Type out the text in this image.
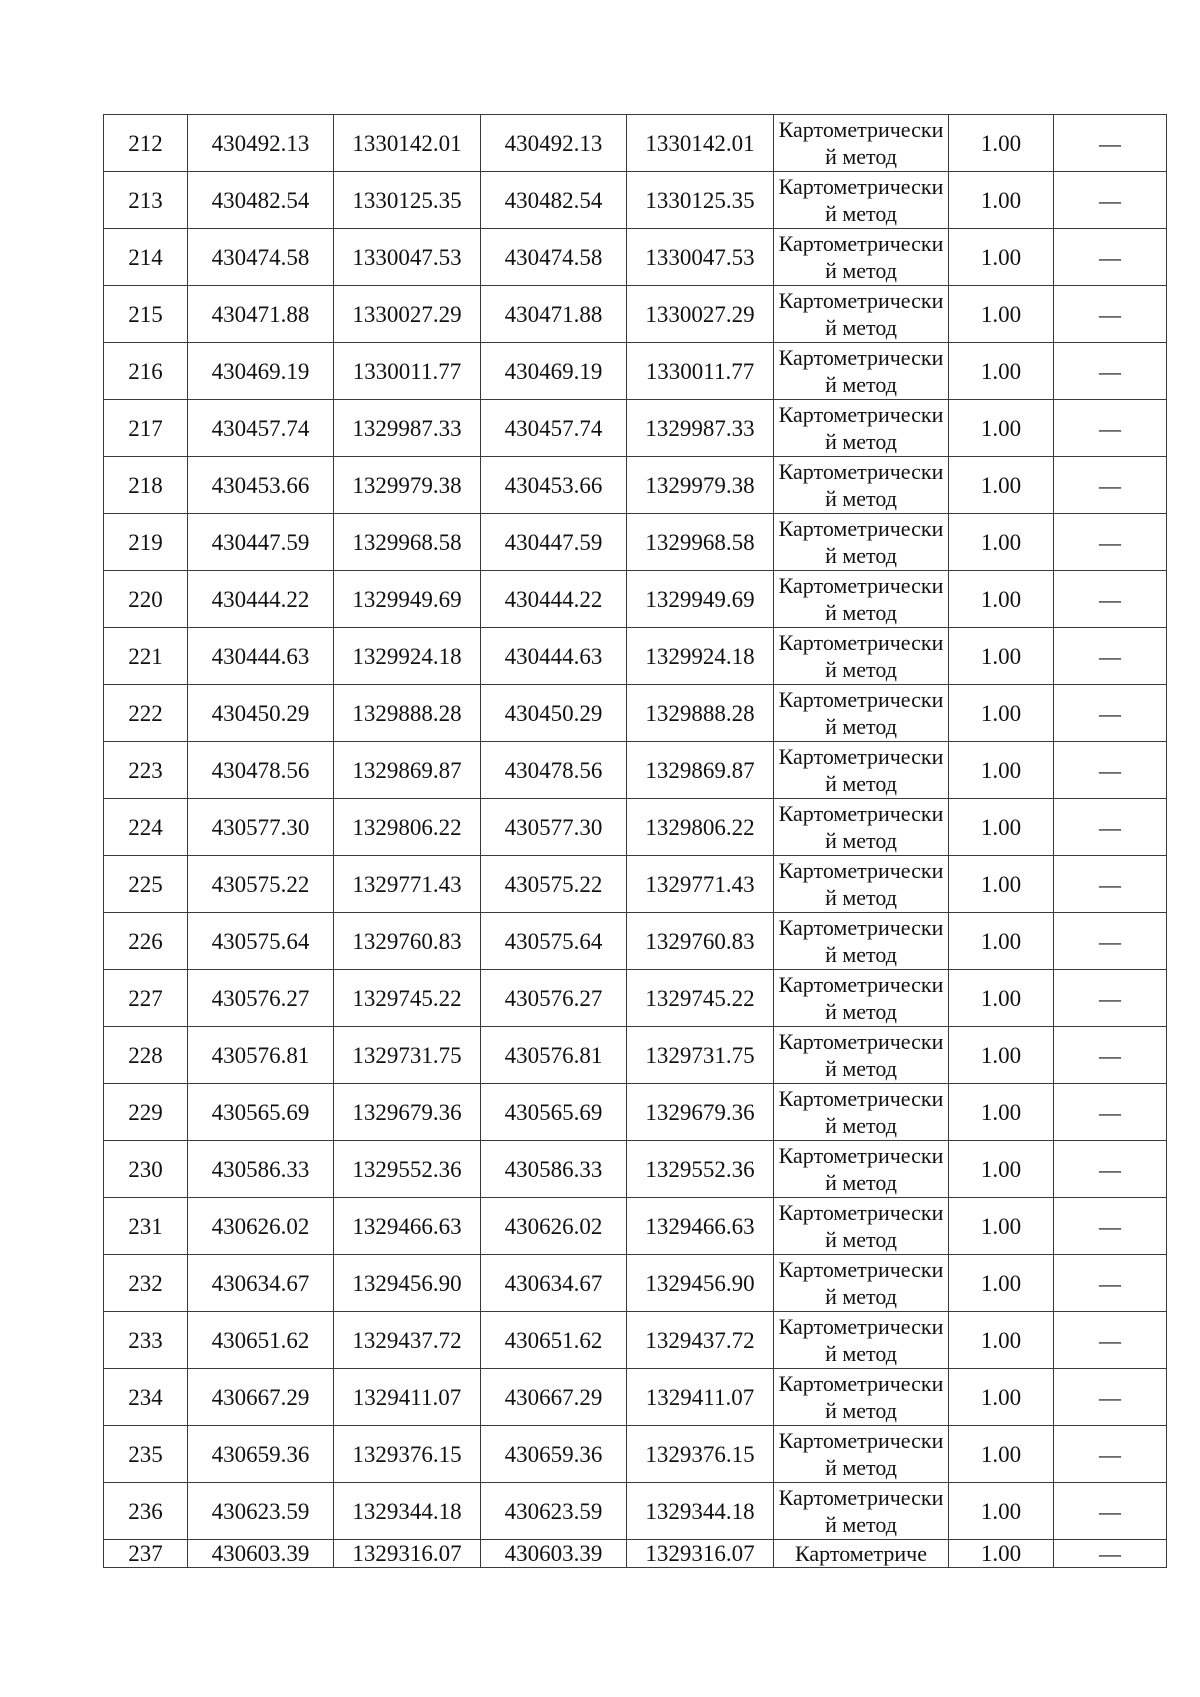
212	430492.13	1330142.01	430492.13	1330142.01	Картометрический метод	1.00	—
213	430482.54	1330125.35	430482.54	1330125.35	Картометрический метод	1.00	—
214	430474.58	1330047.53	430474.58	1330047.53	Картометрический метод	1.00	—
215	430471.88	1330027.29	430471.88	1330027.29	Картометрический метод	1.00	—
216	430469.19	1330011.77	430469.19	1330011.77	Картометрический метод	1.00	—
217	430457.74	1329987.33	430457.74	1329987.33	Картометрический метод	1.00	—
218	430453.66	1329979.38	430453.66	1329979.38	Картометрический метод	1.00	—
219	430447.59	1329968.58	430447.59	1329968.58	Картометрический метод	1.00	—
220	430444.22	1329949.69	430444.22	1329949.69	Картометрический метод	1.00	—
221	430444.63	1329924.18	430444.63	1329924.18	Картометрический метод	1.00	—
222	430450.29	1329888.28	430450.29	1329888.28	Картометрический метод	1.00	—
223	430478.56	1329869.87	430478.56	1329869.87	Картометрический метод	1.00	—
224	430577.30	1329806.22	430577.30	1329806.22	Картометрический метод	1.00	—
225	430575.22	1329771.43	430575.22	1329771.43	Картометрический метод	1.00	—
226	430575.64	1329760.83	430575.64	1329760.83	Картометрический метод	1.00	—
227	430576.27	1329745.22	430576.27	1329745.22	Картометрический метод	1.00	—
228	430576.81	1329731.75	430576.81	1329731.75	Картометрический метод	1.00	—
229	430565.69	1329679.36	430565.69	1329679.36	Картометрический метод	1.00	—
230	430586.33	1329552.36	430586.33	1329552.36	Картометрический метод	1.00	—
231	430626.02	1329466.63	430626.02	1329466.63	Картометрический метод	1.00	—
232	430634.67	1329456.90	430634.67	1329456.90	Картометрический метод	1.00	—
233	430651.62	1329437.72	430651.62	1329437.72	Картометрический метод	1.00	—
234	430667.29	1329411.07	430667.29	1329411.07	Картометрический метод	1.00	—
235	430659.36	1329376.15	430659.36	1329376.15	Картометрический метод	1.00	—
236	430623.59	1329344.18	430623.59	1329344.18	Картометрический метод	1.00	—
237	430603.39	1329316.07	430603.39	1329316.07	Картометриче	1.00	—
